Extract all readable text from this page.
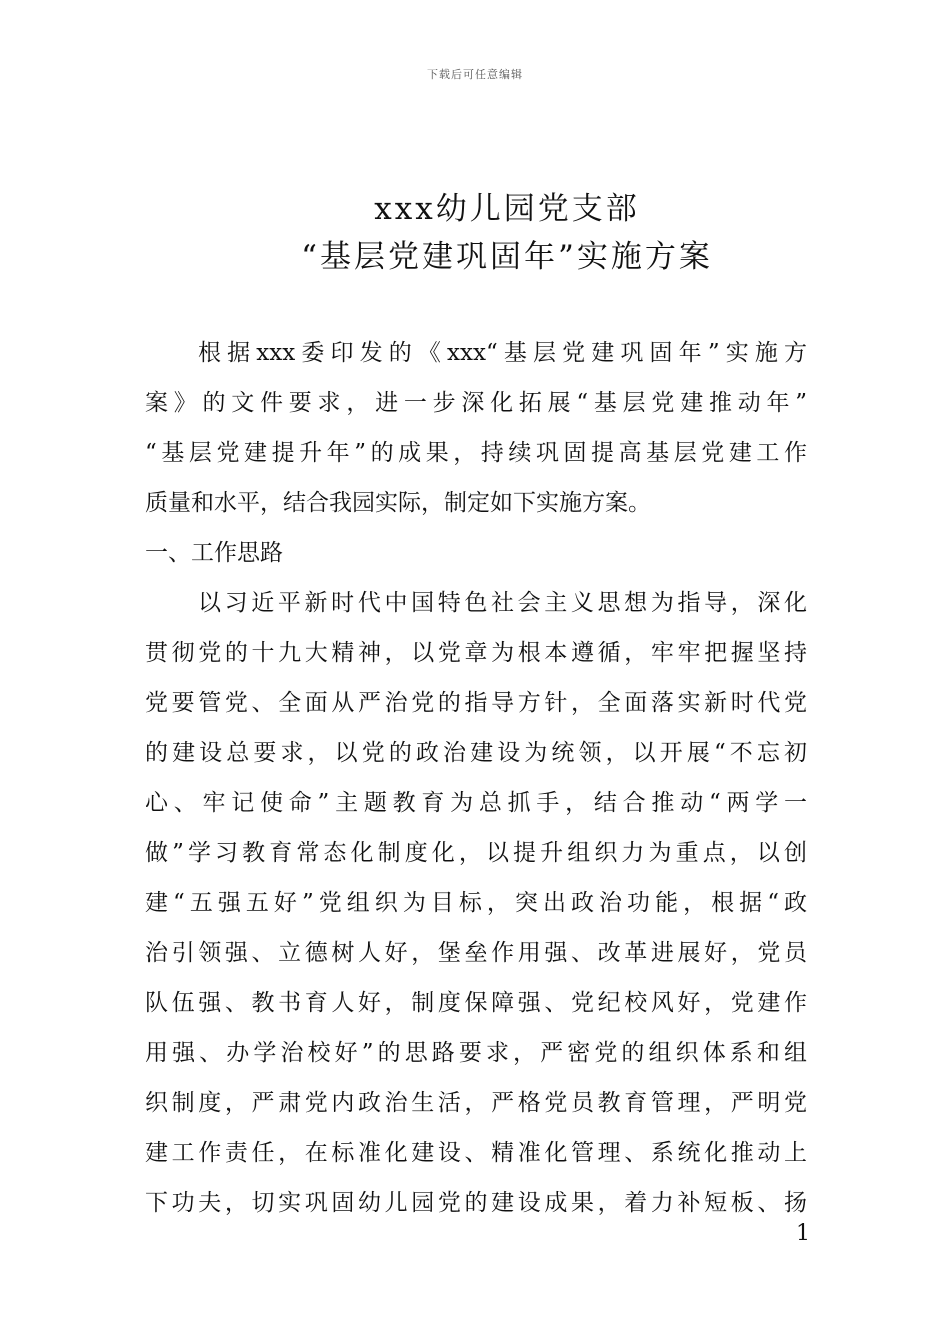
下载后可任意编辑
xxx幼儿园党支部
“基层党建巩固年”实施方案
根据xxx委印发的《xxx“基层党建巩固年”实施方
案》的文件要求，进一步深化拓展“基层党建推动年”
“基层党建提升年”的成果，持续巩固提高基层党建工作
质量和水平，结合我园实际，制定如下实施方案。
一、工作思路
以习近平新时代中国特色社会主义思想为指导，深化
贯彻党的十九大精神，以党章为根本遵循，牢牢把握坚持
党要管党、全面从严治党的指导方针，全面落实新时代党
的建设总要求，以党的政治建设为统领，以开展“不忘初
心、牢记使命”主题教育为总抓手，结合推动“两学一
做”学习教育常态化制度化，以提升组织力为重点，以创
建“五强五好”党组织为目标，突出政治功能，根据“政
治引领强、立德树人好，堡垒作用强、改革进展好，党员
队伍强、教书育人好，制度保障强、党纪校风好，党建作
用强、办学治校好”的思路要求，严密党的组织体系和组
织制度，严肃党内政治生活，严格党员教育管理，严明党
建工作责任，在标准化建设、精准化管理、系统化推动上
下功夫，切实巩固幼儿园党的建设成果，着力补短板、扬
1
